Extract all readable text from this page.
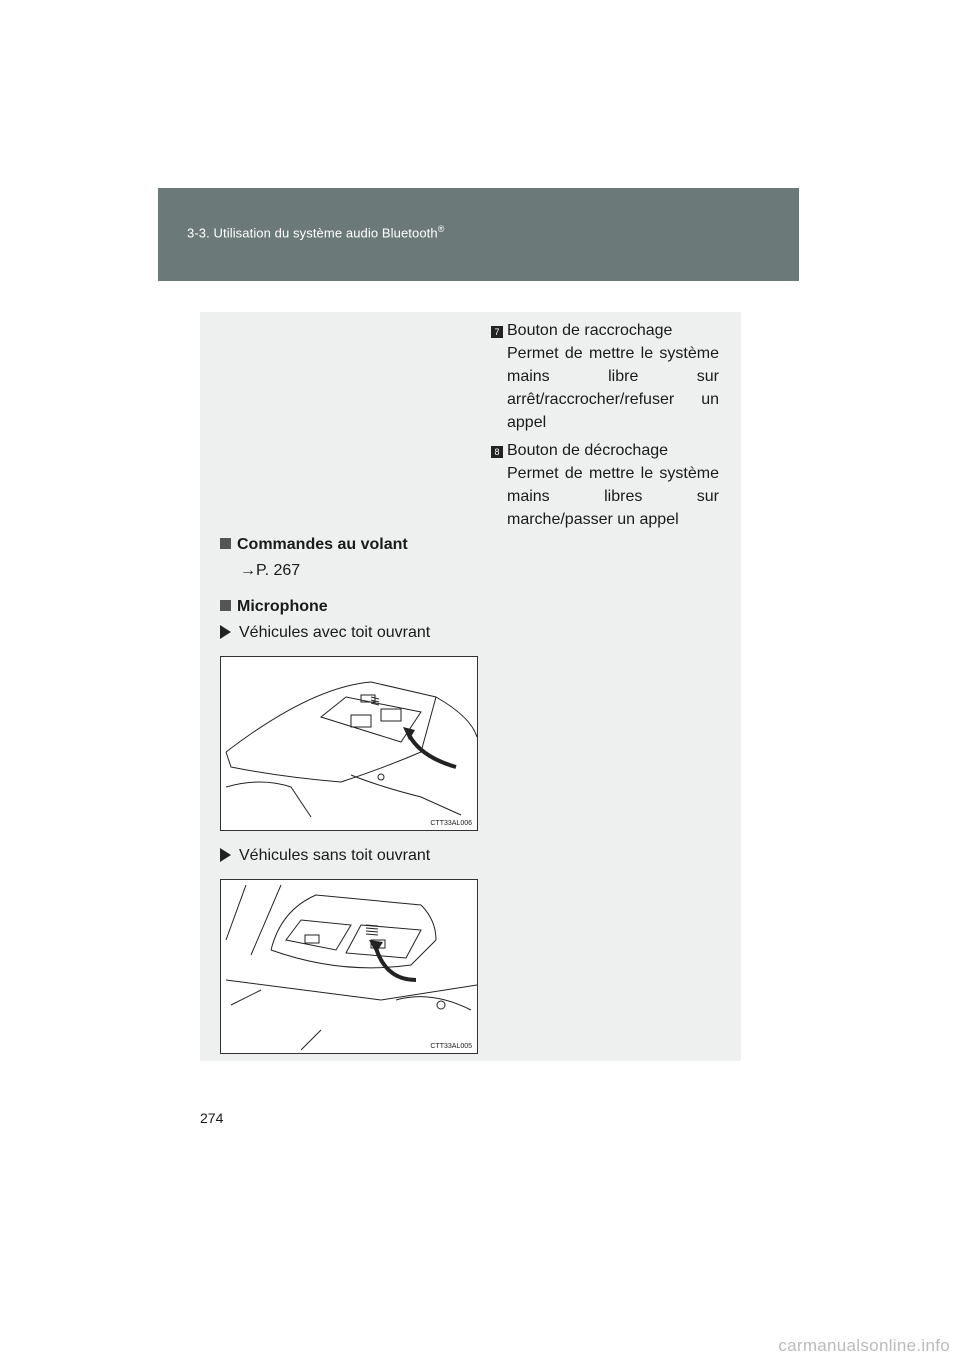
3-3. Utilisation du système audio Bluetooth®
7 Bouton de raccrochage
Permet de mettre le système mains libre sur arrêt/raccrocher/refuser un appel
8 Bouton de décrochage
Permet de mettre le système mains libres sur marche/passer un appel
Commandes au volant
→P. 267
Microphone
Véhicules avec toit ouvrant
CTT33AL006
Véhicules sans toit ouvrant
CTT33AL005
274
carmanualsonline.info
